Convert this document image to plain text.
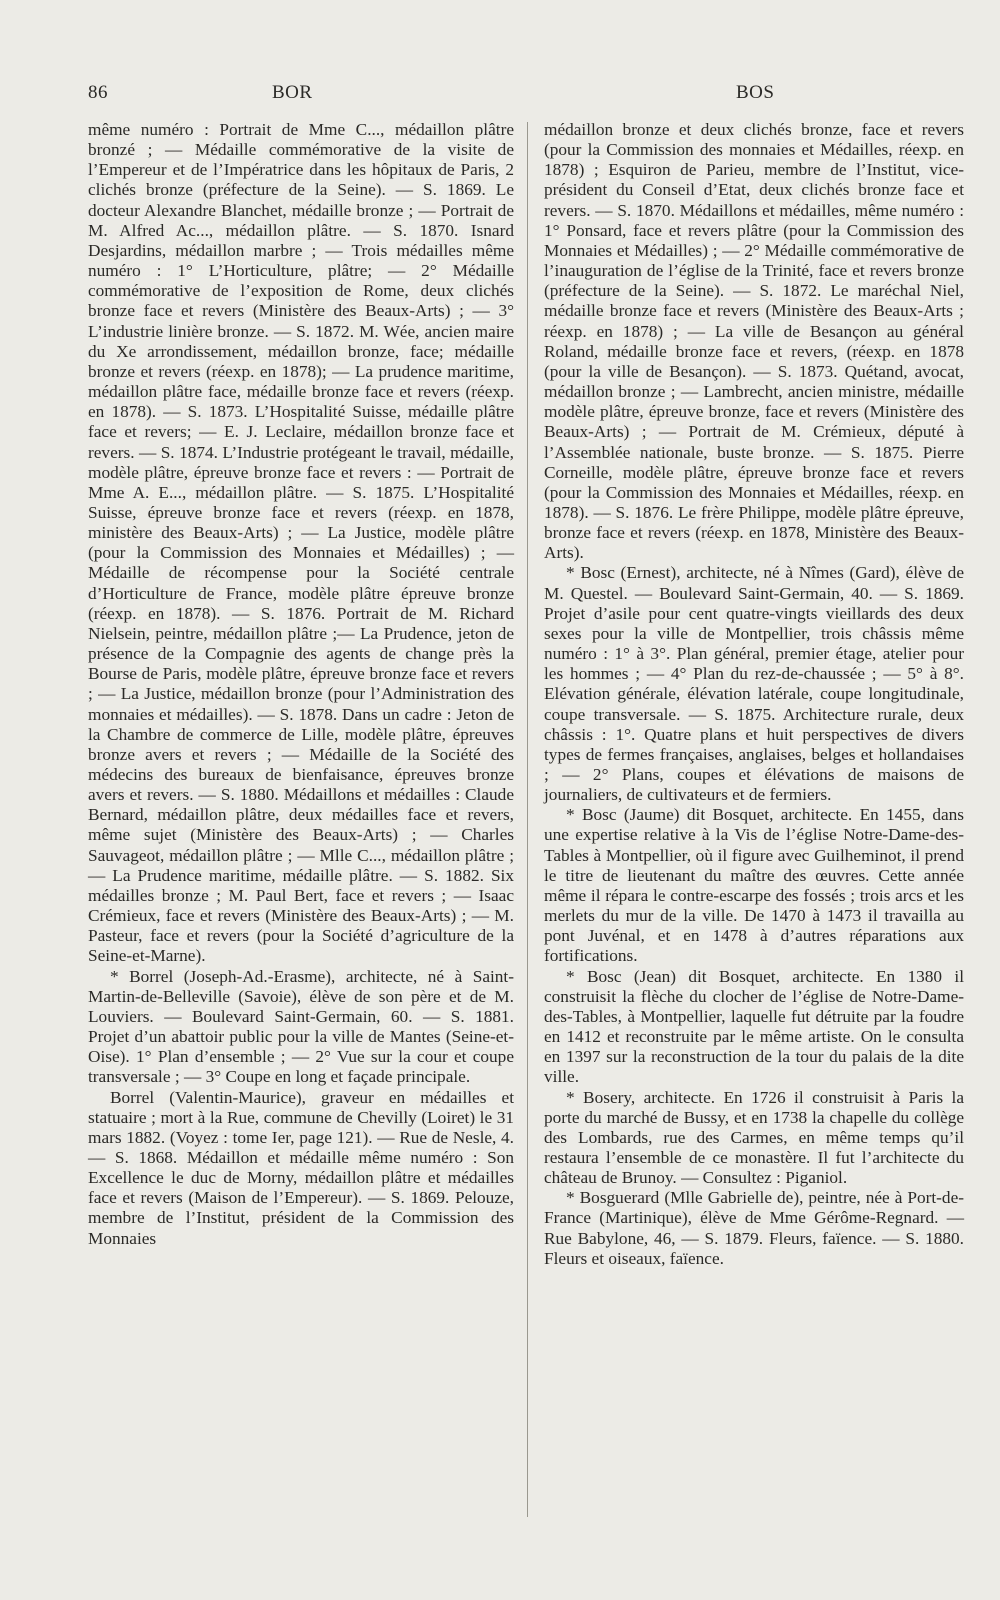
86	BOR	BOS

même numéro : Portrait de Mme C..., médaillon plâtre bronzé ; — Médaille commémorative de la visite de l’Empereur et de l’Impératrice dans les hôpitaux de Paris, 2 clichés bronze (préfecture de la Seine). — S. 1869. Le docteur Alexandre Blanchet, médaille bronze ; — Portrait de M. Alfred Ac..., médaillon plâtre. — S. 1870. Isnard Desjardins, médaillon marbre ; — Trois médailles même numéro : 1° L’Horticulture, plâtre; — 2° Médaille commémorative de l’exposition de Rome, deux clichés bronze face et revers (Ministère des Beaux-Arts) ; — 3° L’industrie linière bronze. — S. 1872. M. Wée, ancien maire du Xe arrondissement, médaillon bronze, face; médaille bronze et revers (réexp. en 1878); — La prudence maritime, médaillon plâtre face, médaille bronze face et revers (réexp. en 1878). — S. 1873. L’Hospitalité Suisse, médaille plâtre face et revers; — E. J. Leclaire, médaillon bronze face et revers. — S. 1874. L’Industrie protégeant le travail, médaille, modèle plâtre, épreuve bronze face et revers : — Portrait de Mme A. E..., médaillon plâtre. — S. 1875. L’Hospitalité Suisse, épreuve bronze face et revers (réexp. en 1878, ministère des Beaux-Arts) ; — La Justice, modèle plâtre (pour la Commission des Monnaies et Médailles) ; — Médaille de récompense pour la Société centrale d’Horticulture de France, modèle plâtre épreuve bronze (réexp. en 1878). — S. 1876. Portrait de M. Richard Nielsein, peintre, médaillon plâtre ;— La Prudence, jeton de présence de la Compagnie des agents de change près la Bourse de Paris, modèle plâtre, épreuve bronze face et revers ; — La Justice, médaillon bronze (pour l’Administration des monnaies et médailles). — S. 1878. Dans un cadre : Jeton de la Chambre de commerce de Lille, modèle plâtre, épreuves bronze avers et revers ; — Médaille de la Société des médecins des bureaux de bienfaisance, épreuves bronze avers et revers. — S. 1880. Médaillons et médailles : Claude Bernard, médaillon plâtre, deux médailles face et revers, même sujet (Ministère des Beaux-Arts) ; — Charles Sauvageot, médaillon plâtre ; — Mlle C..., médaillon plâtre ; — La Prudence maritime, médaille plâtre. — S. 1882. Six médailles bronze ; M. Paul Bert, face et revers ; — Isaac Crémieux, face et revers (Ministère des Beaux-Arts) ; — M. Pasteur, face et revers (pour la Société d’agriculture de la Seine-et-Marne).

* Borrel (Joseph-Ad.-Erasme), architecte, né à Saint-Martin-de-Belleville (Savoie), élève de son père et de M. Louviers. — Boulevard Saint-Germain, 60. — S. 1881. Projet d’un abattoir public pour la ville de Mantes (Seine-et-Oise). 1° Plan d’ensemble ; — 2° Vue sur la cour et coupe transversale ; — 3° Coupe en long et façade principale.

Borrel (Valentin-Maurice), graveur en médailles et statuaire ; mort à la Rue, commune de Chevilly (Loiret) le 31 mars 1882. (Voyez : tome Ier, page 121). — Rue de Nesle, 4. — S. 1868. Médaillon et médaille même numéro : Son Excellence le duc de Morny, médaillon plâtre et médailles face et revers (Maison de l’Empereur). — S. 1869. Pelouze, membre de l’Institut, président de la Commission des Monnaies

médaillon bronze et deux clichés bronze, face et revers (pour la Commission des monnaies et Médailles, réexp. en 1878) ; Esquiron de Parieu, membre de l’Institut, vice-président du Conseil d’Etat, deux clichés bronze face et revers. — S. 1870. Médaillons et médailles, même numéro : 1° Ponsard, face et revers plâtre (pour la Commission des Monnaies et Médailles) ; — 2° Médaille commémorative de l’inauguration de l’église de la Trinité, face et revers bronze (préfecture de la Seine). — S. 1872. Le maréchal Niel, médaille bronze face et revers (Ministère des Beaux-Arts ; réexp. en 1878) ; — La ville de Besançon au général Roland, médaille bronze face et revers, (réexp. en 1878 (pour la ville de Besançon). — S. 1873. Quétand, avocat, médaillon bronze ; — Lambrecht, ancien ministre, médaille modèle plâtre, épreuve bronze, face et revers (Ministère des Beaux-Arts) ; — Portrait de M. Crémieux, député à l’Assemblée nationale, buste bronze. — S. 1875. Pierre Corneille, modèle plâtre, épreuve bronze face et revers (pour la Commission des Monnaies et Médailles, réexp. en 1878). — S. 1876. Le frère Philippe, modèle plâtre épreuve, bronze face et revers (réexp. en 1878, Ministère des Beaux-Arts).

* Bosc (Ernest), architecte, né à Nîmes (Gard), élève de M. Questel. — Boulevard Saint-Germain, 40. — S. 1869. Projet d’asile pour cent quatre-vingts vieillards des deux sexes pour la ville de Montpellier, trois châssis même numéro : 1° à 3°. Plan général, premier étage, atelier pour les hommes ; — 4° Plan du rez-de-chaussée ; — 5° à 8°. Elévation générale, élévation latérale, coupe longitudinale, coupe transversale. — S. 1875. Architecture rurale, deux châssis : 1°. Quatre plans et huit perspectives de divers types de fermes françaises, anglaises, belges et hollandaises ; — 2° Plans, coupes et élévations de maisons de journaliers, de cultivateurs et de fermiers.

* Bosc (Jaume) dit Bosquet, architecte. En 1455, dans une expertise relative à la Vis de l’église Notre-Dame-des-Tables à Montpellier, où il figure avec Guilheminot, il prend le titre de lieutenant du maître des œuvres. Cette année même il répara le contre-escarpe des fossés ; trois arcs et les merlets du mur de la ville. De 1470 à 1473 il travailla au pont Juvénal, et en 1478 à d’autres réparations aux fortifications.

* Bosc (Jean) dit Bosquet, architecte. En 1380 il construisit la flèche du clocher de l’église de Notre-Dame-des-Tables, à Montpellier, laquelle fut détruite par la foudre en 1412 et reconstruite par le même artiste. On le consulta en 1397 sur la reconstruction de la tour du palais de la dite ville.

* Bosery, architecte. En 1726 il construisit à Paris la porte du marché de Bussy, et en 1738 la chapelle du collège des Lombards, rue des Carmes, en même temps qu’il restaura l’ensemble de ce monastère. Il fut l’architecte du château de Brunoy. — Consultez : Piganiol.

* Bosguerard (Mlle Gabrielle de), peintre, née à Port-de-France (Martinique), élève de Mme Gérôme-Regnard. — Rue Babylone, 46, — S. 1879. Fleurs, faïence. — S. 1880. Fleurs et oiseaux, faïence.
